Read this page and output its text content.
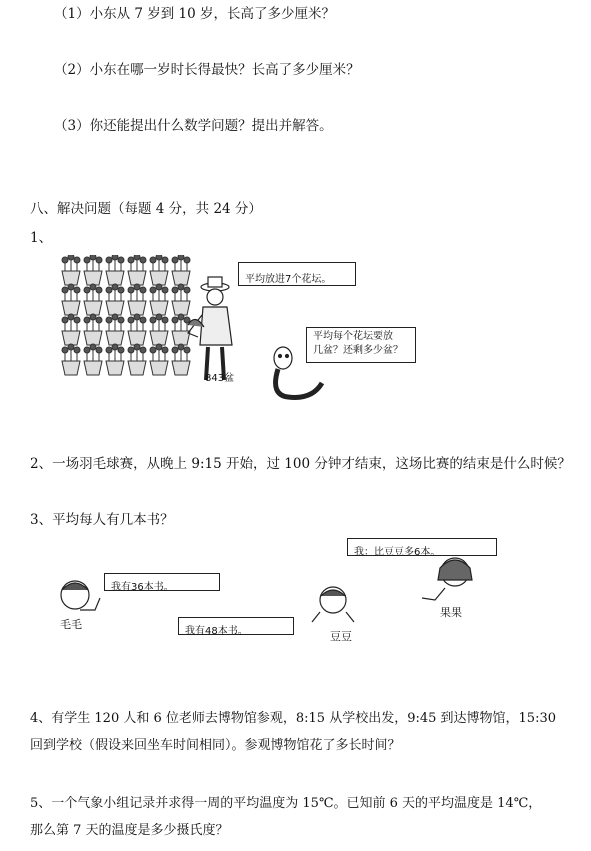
（1）小东从 7 岁到 10 岁，长高了多少厘米？
（2）小东在哪一岁时长得最快？长高了多少厘米？
（3）你还能提出什么数学问题？提出并解答。
八、解决问题（每题 4 分，共 24 分）
1、
843盆
平均放进7个花坛。
平均每个花坛要放
几盆？还剩多少盆？
2、一场羽毛球赛，从晚上 9:15 开始，过 100 分钟才结束，这场比赛的结束是什么时候？
3、平均每人有几本书？
我有36本书。
毛毛
我有48本书。	豆豆
我：比豆豆多6本。
果果
4、有学生 120 人和 6 位老师去博物馆参观，8:15 从学校出发，9:45 到达博物馆，15:30
回到学校（假设来回坐车时间相同）。参观博物馆花了多长时间？
5、一个气象小组记录并求得一周的平均温度为 15℃。已知前 6 天的平均温度是 14℃，
那么第 7 天的温度是多少摄氏度？
